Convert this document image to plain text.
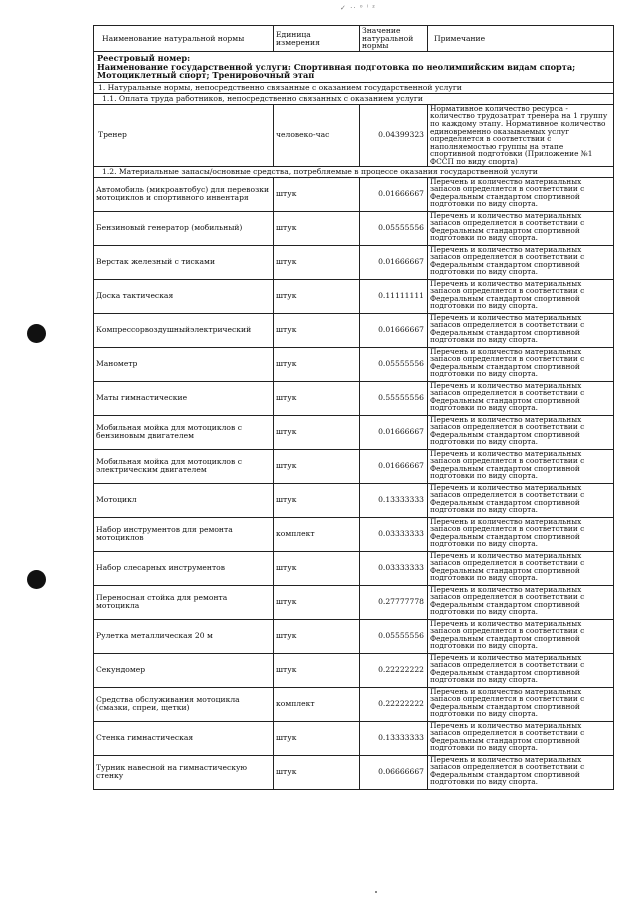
✓ ·· ⁰ ˡ ²
Наименование натуральной нормы	Единица измерения	Значение натуральной нормы	Примечание

Реестровый номер:
Наименование государственной услуги: Спортивная подготовка по неолимпийским видам спорта; Мотоциклетный спорт; Тренировочный этап			

1. Натуральные нормы, непосредственно связанные с оказанием государственной услуги			
1.1. Оплата труда работников, непосредственно связанных с оказанием услуги			
Тренер	человеко-час	0.04399323	Нормативное количество ресурса - количество трудозатрат тренера на 1 группу по каждому этапу. Нормативное количество единовременно оказываемых услуг определяется в соответствии с наполняемостью группы на этапе спортивной подготовки (Приложение №1 ФССП по виду спорта)
1.2. Материальные запасы/основные средства, потребляемые в процессе оказания государственной услуги			
Автомобиль (микроавтобус) для перевозки мотоциклов и спортивного инвентаря	штук	0.01666667	Перечень и количество материальных запасов определяется в соответствии с Федеральным стандартом спортивной подготовки по виду спорта.
Бензиновый генератор (мобильный)	штук	0.05555556	Перечень и количество материальных запасов определяется в соответствии с Федеральным стандартом спортивной подготовки по виду спорта.
Верстак железный с тисками	штук	0.01666667	Перечень и количество материальных запасов определяется в соответствии с Федеральным стандартом спортивной подготовки по виду спорта.
Доска тактическая	штук	0.11111111	Перечень и количество материальных запасов определяется в соответствии с Федеральным стандартом спортивной подготовки по виду спорта.
Компрессорвоздушныйэлектрический	штук	0.01666667	Перечень и количество материальных запасов определяется в соответствии с Федеральным стандартом спортивной подготовки по виду спорта.
Манометр	штук	0.05555556	Перечень и количество материальных запасов определяется в соответствии с Федеральным стандартом спортивной подготовки по виду спорта.
Маты гимнастические	штук	0.55555556	Перечень и количество материальных запасов определяется в соответствии с Федеральным стандартом спортивной подготовки по виду спорта.
Мобильная мойка для мотоциклов с бензиновым двигателем	штук	0.01666667	Перечень и количество материальных запасов определяется в соответствии с Федеральным стандартом спортивной подготовки по виду спорта.
Мобильная мойка для мотоциклов с электрическим двигателем	штук	0.01666667	Перечень и количество материальных запасов определяется в соответствии с Федеральным стандартом спортивной подготовки по виду спорта.
Мотоцикл	штук	0.13333333	Перечень и количество материальных запасов определяется в соответствии с Федеральным стандартом спортивной подготовки по виду спорта.
Набор инструментов для ремонта мотоциклов	комплект	0.03333333	Перечень и количество материальных запасов определяется в соответствии с Федеральным стандартом спортивной подготовки по виду спорта.
Набор слесарных инструментов	штук	0.03333333	Перечень и количество материальных запасов определяется в соответствии с Федеральным стандартом спортивной подготовки по виду спорта.
Переносная стойка для ремонта мотоцикла	штук	0.27777778	Перечень и количество материальных запасов определяется в соответствии с Федеральным стандартом спортивной подготовки по виду спорта.
Рулетка металлическая 20 м	штук	0.05555556	Перечень и количество материальных запасов определяется в соответствии с Федеральным стандартом спортивной подготовки по виду спорта.
Секундомер	штук	0.22222222	Перечень и количество материальных запасов определяется в соответствии с Федеральным стандартом спортивной подготовки по виду спорта.
Средства обслуживания мотоцикла (смазки, спреи, щетки)	комплект	0.22222222	Перечень и количество материальных запасов определяется в соответствии с Федеральным стандартом спортивной подготовки по виду спорта.
Стенка гимнастическая	штук	0.13333333	Перечень и количество материальных запасов определяется в соответствии с Федеральным стандартом спортивной подготовки по виду спорта.
Турник навесной на гимнастическую стенку	штук	0.06666667	Перечень и количество материальных запасов определяется в соответствии с Федеральным стандартом спортивной подготовки по виду спорта.
